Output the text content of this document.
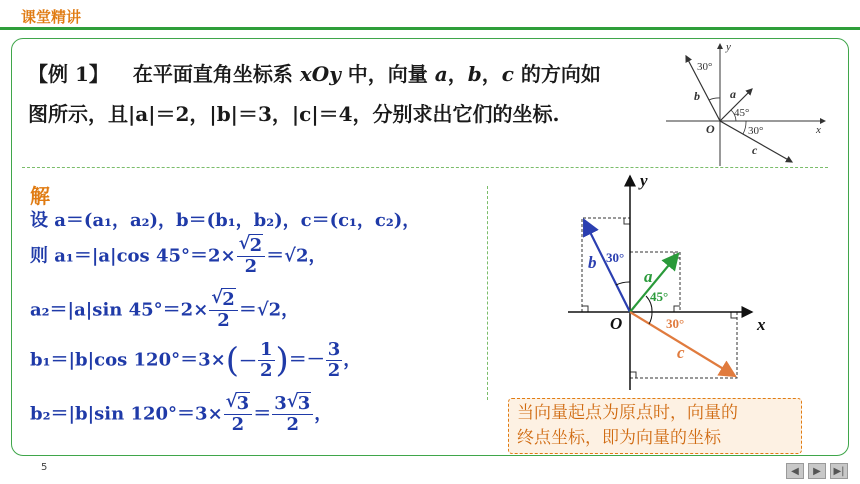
课堂精讲
【例 1】 在平面直角坐标系 xOy 中，向量 a，b，c 的方向如
图所示，且|a|＝2，|b|＝3，|c|＝4，分别求出它们的坐标.
30°
45°
30°
a
b
c
O	x
y
解
设 a＝(a₁，a₂)，b＝(b₁，b₂)，c＝(c₁，c₂)，
则 a₁＝|a|cos 45°＝2× √ $\frac{2}{2} =√2$，
a₂＝|a|sin 45°＝2× √ $\frac{2}{2} =√2$，
b₁＝|b|cos $120^\circ=3\times(- \frac{1}{2}$ )＝－ $\frac{3}{2}$ ，
b₂＝|b|sin 120°＝3× √ $\frac{3}{2} = \frac{3 √ 3}{2}$ ，
30°
45°
30°
a
b
c
O	x
y
当向量起点为原点时，向量的
终点坐标，即为向量的坐标
5	◀ ▶ ▶|
